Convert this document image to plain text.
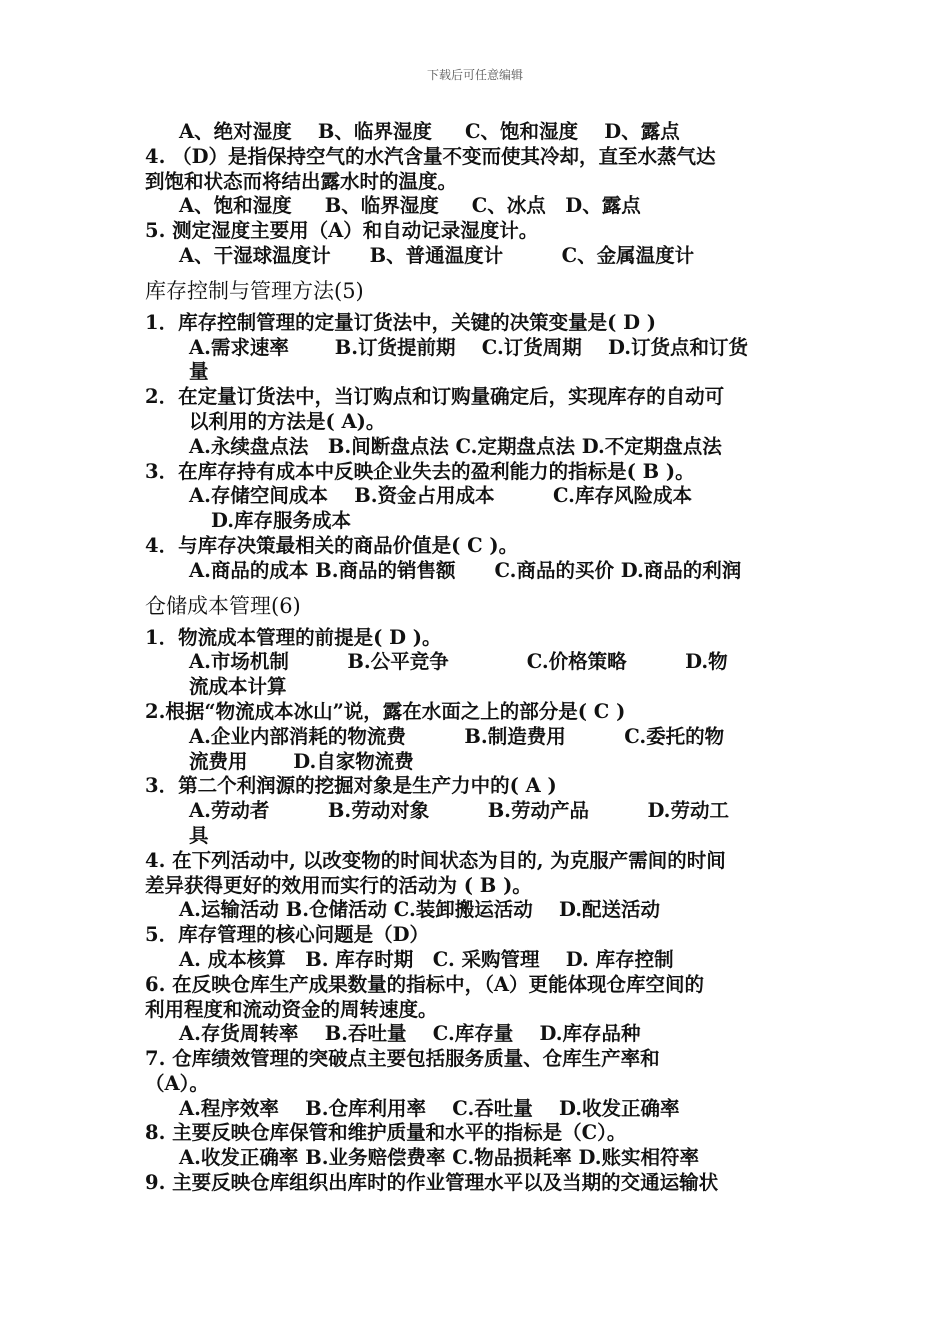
下载后可任意编辑
A、绝对湿度　 B、临界湿度 　 C、饱和湿度 　D、露点
4. （D）是指保持空气的水汽含量不变而使其冷却，直至水蒸气达
到饱和状态而将结出露水时的温度。
A、饱和湿度 　 B、临界湿度 　 C、冰点　D、露点
5. 测定湿度主要用（A）和自动记录湿度计。
A、干湿球温度计　　B、普通温度计　　　C、金属温度计
库存控制与管理方法(5)
1．库存控制管理的定量订货法中，关键的决策变量是( D )
A.需求速率　　 B.订货提前期　 C.订货周期　 D.订货点和订货
量
2．在定量订货法中，当订购点和订购量确定后，实现库存的自动可
以利用的方法是( A)。
A.永续盘点法　B.间断盘点法 C.定期盘点法 D.不定期盘点法
3．在库存持有成本中反映企业失去的盈利能力的指标是( B )。
A.存储空间成本　 B.资金占用成本　　　C.库存风险成本
D.库存服务成本
4．与库存决策最相关的商品价值是( C )。
A.商品的成本 B.商品的销售额　　C.商品的买价 D.商品的利润
仓储成本管理(6)
1．物流成本管理的前提是( D )。
A.市场机制　　　B.公平竞争　　　　C.价格策略　　　D.物
流成本计算
2.根据“物流成本冰山”说，露在水面之上的部分是( C )
A.企业内部消耗的物流费　　　B.制造费用　　　C.委托的物
流费用　　 D.自家物流费
3．第二个利润源的挖掘对象是生产力中的( A )
A.劳动者　　　B.劳动对象　　　B.劳动产品　　　D.劳动工
具
4. 在下列活动中, 以改变物的时间状态为目的, 为克服产需间的时间
差异获得更好的效用而实行的活动为 ( B )。
A.运输活动 B.仓储活动 C.装卸搬运活动　 D.配送活动
5．库存管理的核心问题是（D）
A. 成本核算　B. 库存时期　C. 采购管理　 D. 库存控制
6. 在反映仓库生产成果数量的指标中，（A）更能体现仓库空间的
利用程度和流动资金的周转速度。
A.存货周转率　 B.吞吐量　 C.库存量　 D.库存品种
7. 仓库绩效管理的突破点主要包括服务质量、仓库生产率和
（A）。
A.程序效率　 B.仓库利用率　 C.吞吐量　 D.收发正确率
8. 主要反映仓库保管和维护质量和水平的指标是（C）。
A.收发正确率 B.业务赔偿费率 C.物品损耗率 D.账实相符率
9. 主要反映仓库组织出库时的作业管理水平以及当期的交通运输状
